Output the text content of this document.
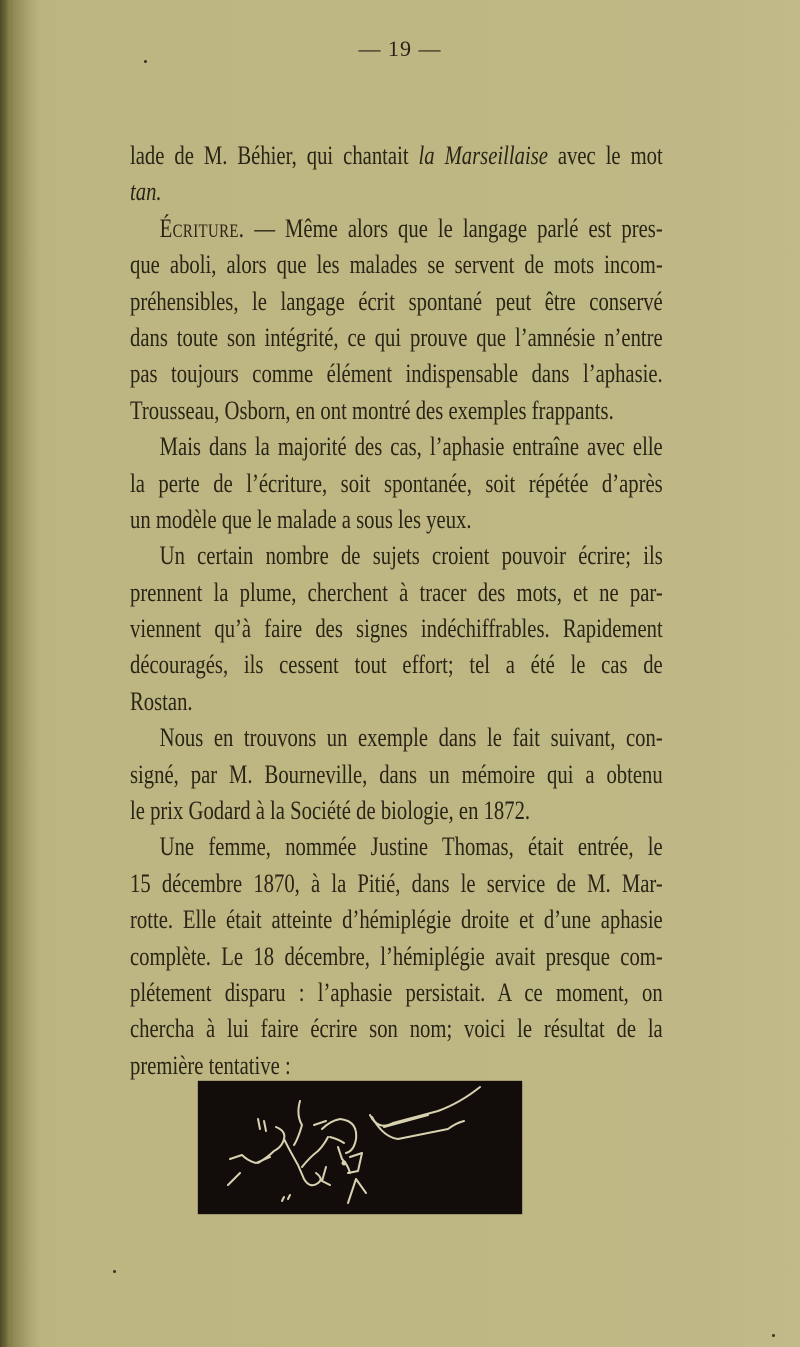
— 19 —
lade de M. Béhier, qui chantait la Marseillaise avec le mot
tan.
Écriture. — Même alors que le langage parlé est pres-
que aboli, alors que les malades se servent de mots incom-
préhensibles, le langage écrit spontané peut être conservé
dans toute son intégrité, ce qui prouve que l’amnésie n’entre
pas toujours comme élément indispensable dans l’aphasie.
Trousseau, Osborn, en ont montré des exemples frappants.
Mais dans la majorité des cas, l’aphasie entraîne avec elle
la perte de l’écriture, soit spontanée, soit répétée d’après
un modèle que le malade a sous les yeux.
Un certain nombre de sujets croient pouvoir écrire; ils
prennent la plume, cherchent à tracer des mots, et ne par-
viennent qu’à faire des signes indéchiffrables. Rapidement
découragés, ils cessent tout effort; tel a été le cas de
Rostan.
Nous en trouvons un exemple dans le fait suivant, con-
signé, par M. Bourneville, dans un mémoire qui a obtenu
le prix Godard à la Société de biologie, en 1872.
Une femme, nommée Justine Thomas, était entrée, le
15 décembre 1870, à la Pitié, dans le service de M. Mar-
rotte. Elle était atteinte d’hémiplégie droite et d’une aphasie
complète. Le 18 décembre, l’hémiplégie avait presque com-
plétement disparu : l’aphasie persistait. A ce moment, on
chercha à lui faire écrire son nom; voici le résultat de la
première tentative :
